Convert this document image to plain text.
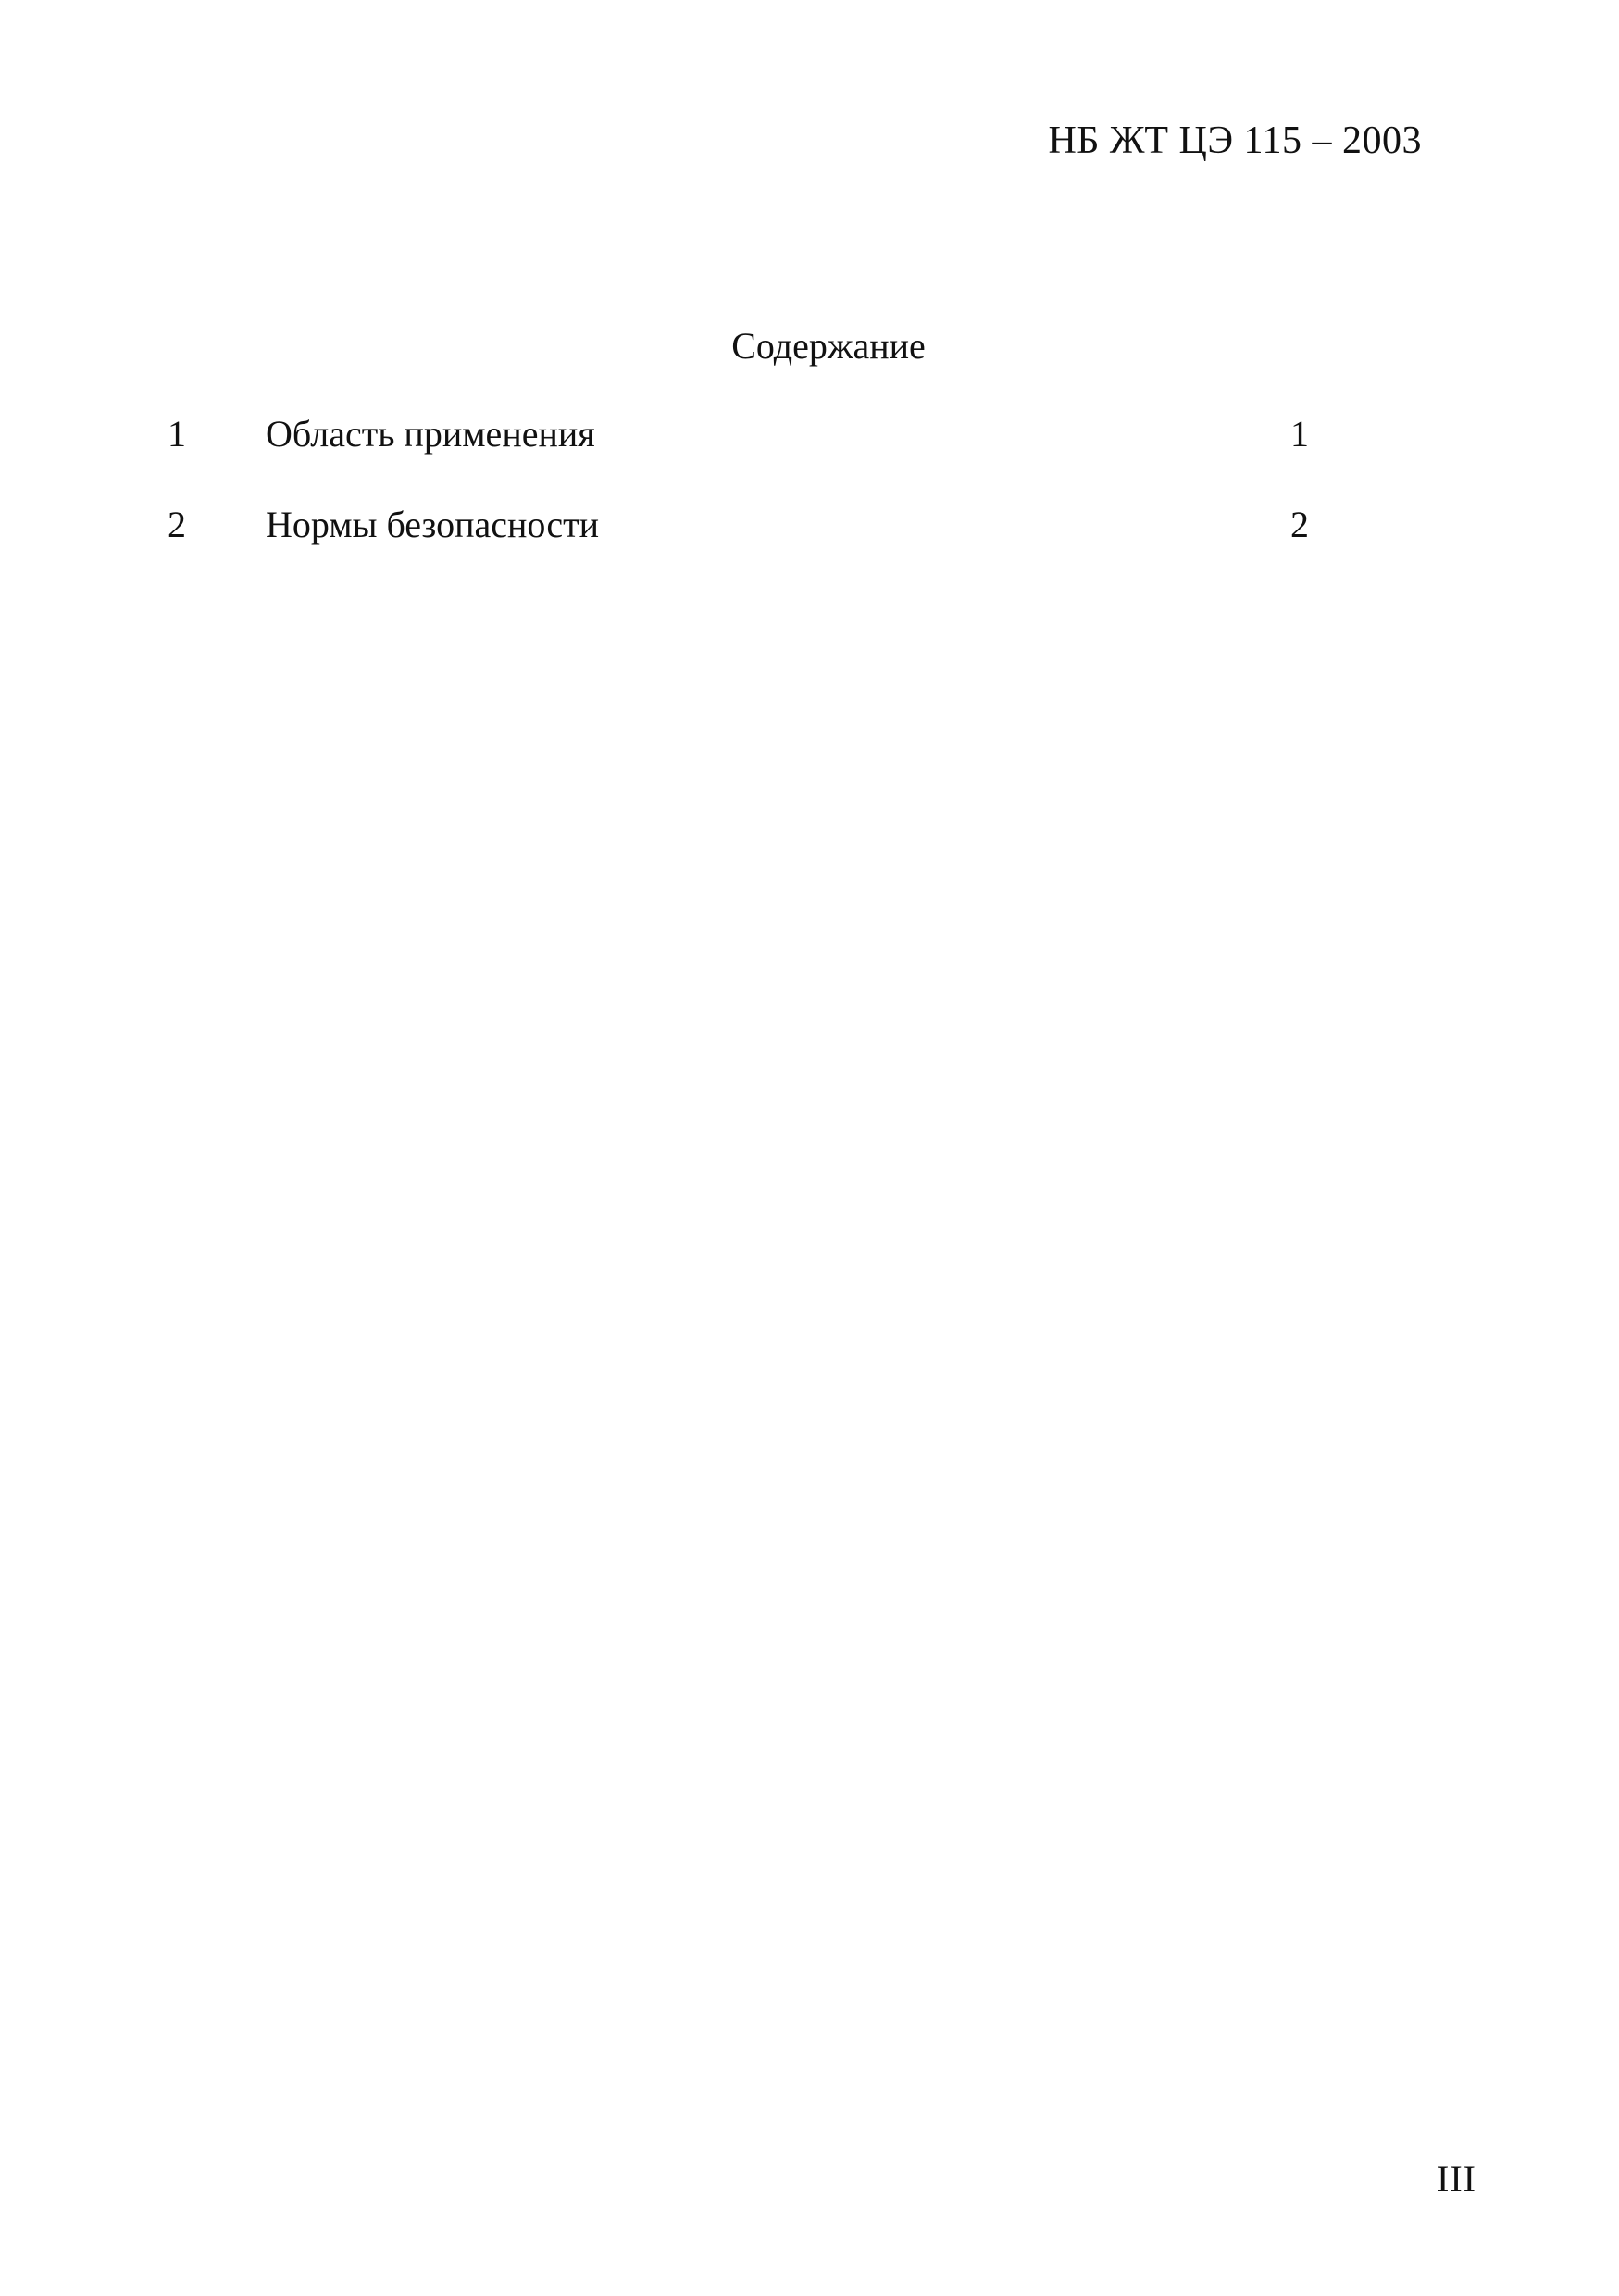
НБ ЖТ ЦЭ 115 – 2003
Содержание
1 Область применения	1
2 Нормы безопасности	2
III
